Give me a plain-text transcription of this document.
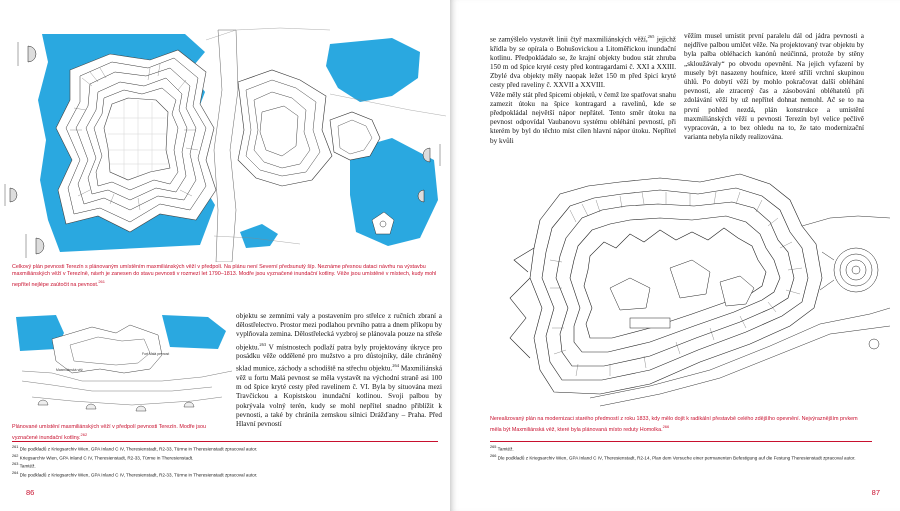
Celkový plán pevnosti Terezín s plánovaným umístěním maxmiliánských věží v předpolí. Na plánu není Severní předsunutý šíp. Neznáme přesnou dataci návrhu na výstavbu maxmiliánských věží v Terezíně, návrh je zanesen do stavu pevnosti v rozmezí let 1790–1813. Modře jsou vyznačené inundační kotliny. Věže jsou umístěné v místech, kudy mohl nepřítel nejlépe zaútočit na pevnost.$^{261}$
Fort Malá pevnost
Maxmiliánská věž
Plánované umístění maxmiliánských věží v předpolí pevnosti Terezín. Modře jsou vyznačené inundační kotliny.$^{262}$

objektu se zemními valy a postavením pro střelce z ručních zbraní a dělostřelectvo. Prostor mezi podlahou prvního patra a dnem příkopu by vyplňovala zemina. Dělostřelecká vyzbroj se plánovala pouze na střeše objektu.$^{263}$ V místnostech podlaží patra byly projektovány úkryce pro posádku věže oddělené pro mužstvo a pro důstojníky, dále chráněný sklad munice, záchody a schodiště na střechu objektu.$^{264}$ Maxmiliánská věž u fortu Malá pevnost se měla vystavět na východní straně asi 100 m od špice kryté cesty před ravelinem č. VI. Byla by situována mezi Travčickou a Kopistskou inundační kotlinou. Svoji palbou by pokrývala volný terén, kudy se mohl nepřítel snadno přiblížit k pevnosti, a také by chránila zemskou silnici Drážďany – Praha. Před Hlavní pevností

$^{261}$ Dle podkladů z Kriegsarchiv Wien, GPA Inland C IV, Theresienstadt, R2-33, Türme in Theresienstadt zpracoval autor.
$^{262}$ Kriegsarchiv Wien, GPA Inland C IV, Theresienstadt, R2-33, Türme in Theresienstadt.
$^{263}$ Tamtéž.
$^{264}$ Dle podkladů z Kriegsarchiv Wien, GPA Inland C IV, Theresienstadt, R2-33, Türme in Theresienstadt zpracoval autor.
86

se zamýšlelo vystavět linii čtyř maxmiliánských věží,$^{265}$ jejichž křídla by se opírala o Bohušovickou a Litoměřickou inundační kotlinu. Předpokládalo se, že krajní objekty budou stát zhruba 150 m od špice kryté cesty před kontragardami č. XXI a XXIII. Zbylé dva objekty měly naopak ležet 150 m před špicí kryté cesty před raveliny č. XXVII a XXVIII.

Věže měly stát před špicemi objektů, v čemž lze spatřovat snahu zamezit útoku na špice kontragard a ravelinů, kde se předpokládal největší nápor nepřátel. Tento směr útoku na pevnost odpovídal Vaubanovu systému obléhání pevností, při kterém by byl do těchto míst cílen hlavní nápor útoku. Nepřítel by kvůli

věžím musel umístit první paralelu dál od jádra pevnosti a nejdříve palbou umlčet věže. Na projektovaný tvar objektu by byla palba obléhacích kanónů neúčinná, protože by stěny „skloužávaly“ po obvodu opevnění. Na jejich vyfazení by musely být nasazeny houfnice, které střílí vrchní skupinou úhlů. Po dobytí věží by mohlo pokračovat další obléhání pevnosti, ale ztracený čas a zásobování obléhatelů při zdolávání věží by už nepřítel dohnat nemohl. Ač se to na první pohled nezdá, plán konstrukce a umístění maxmiliánských věží u pevnosti Terezín byl velice pečlivě vypracován, a to bez ohledu na to, že tato modernizační varianta nebyla nikdy realizována.

Nerealizovaný plán na modernizaci starého předmostí z roku 1833, kdy mělo dojít k radikální přestavbě celého zdějšího opevnění. Nejvýraznějším prvkem měla být Maxmiliánská věž, které byla plánovaná místo reduty Homolka.$^{266}$
$^{265}$ Tamtéž.
$^{266}$ Dle podkladů z Kriegsarchiv Wien, GPA Inland C IV, Theresienstadt, R2-14, Plan dem Versuche einer permanenten Befestigung auf die Festung Theresienstadt zpracoval autor.
87
